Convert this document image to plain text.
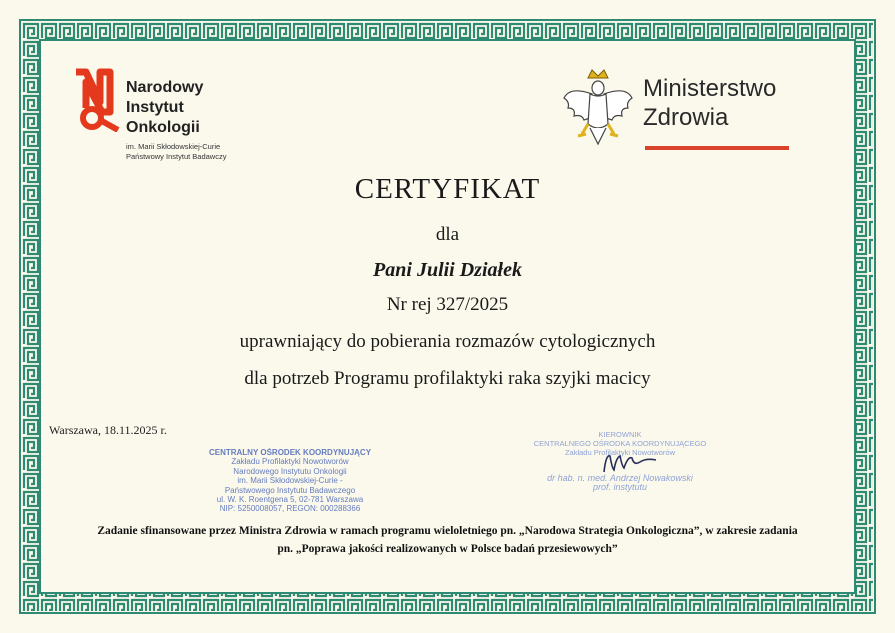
Narodowy
Instytut
Onkologii
im. Marii Skłodowskiej-Curie
Państwowy Instytut Badawczy
Ministerstwo
Zdrowia
CERTYFIKAT
dla
Pani Julii Działek
Nr rej 327/2025
uprawniający do pobierania rozmazów cytologicznych
dla potrzeb Programu profilaktyki raka szyjki macicy
Warszawa, 18.11.2025 r.
CENTRALNY OŚRODEK KOORDYNUJĄCY
Zakładu Profilaktyki Nowotworów
Narodowego Instytutu Onkologii
im. Marii Skłodowskiej-Curie -
Państwowego Instytutu Badawczego
ul. W. K. Roentgena 5, 02-781 Warszawa
NIP: 5250008057, REGON: 000288366
KIEROWNIK
CENTRALNEGO OŚRODKA KOORDYNUJĄCEGO
Zakładu Profilaktyki Nowotworów
dr hab. n. med. Andrzej Nowakowski
prof. instytutu
Zadanie sfinansowane przez Ministra Zdrowia w ramach programu wieloletniego pn. „Narodowa Strategia Onkologiczna”, w zakresie zadania
pn. „Poprawa jakości realizowanych w Polsce badań przesiewowych”
